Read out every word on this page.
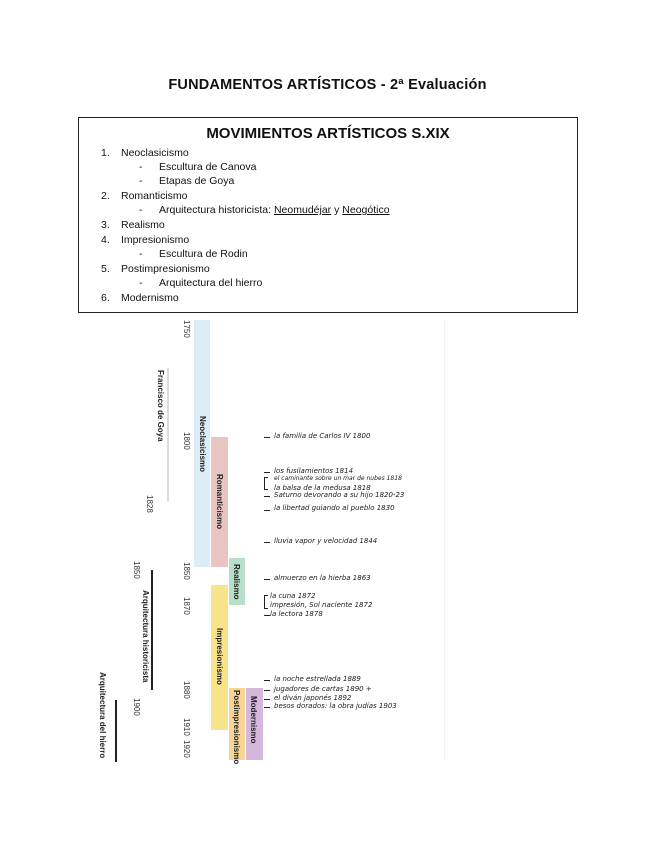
FUNDAMENTOS ARTÍSTICOS - 2ª Evaluación
MOVIMIENTOS ARTÍSTICOS S.XIX
1. Neoclasicismo
- Escultura de Canova
- Etapas de Goya
2. Romanticismo
- Arquitectura historicista: Neomudéjar y Neogótico
3. Realismo
4. Impresionismo
- Escultura de Rodin
5. Postimpresionismo
- Arquitectura del hierro
6. Modernismo
Neoclasicismo
Romanticismo
Realismo
Impresionismo
Postimpresionismo Modernismo
Francisco de Goya
Arquitectura historicista
Arquitectura del hierro
1750
1800
1828
1850	1850
1870
1880
1900
1910
1920
la familia de Carlos IV 1800
los fusilamientos 1814
el caminante sobre un mar de nubes 1818
la balsa de la medusa 1818
Saturno devorando a su hijo 1820-23
la libertad guiando al pueblo 1830
lluvia vapor y velocidad 1844
almuerzo en la hierba 1863
la cuna 1872
impresión, Sol naciente 1872
la lectora 1878
la noche estrellada 1889
jugadores de cartas 1890 +
el diván japonés 1892
besos dorados: la obra judías 1903
